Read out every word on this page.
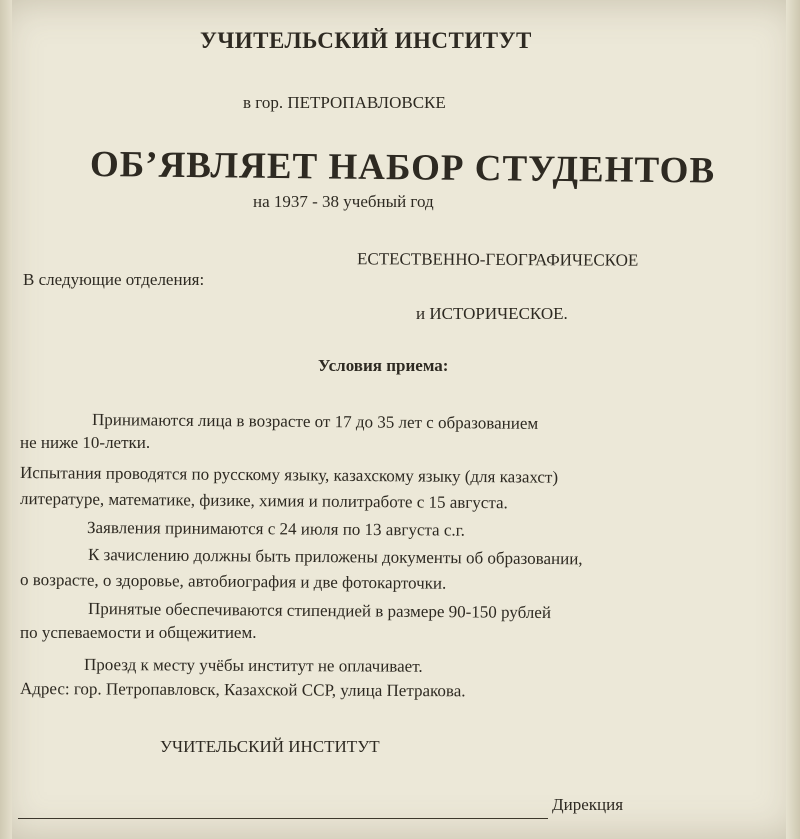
УЧИТЕЛЬСКИЙ ИНСТИТУТ
в гор. ПЕТРОПАВЛОВСКЕ
ОБ’ЯВЛЯЕТ НАБОР СТУДЕНТОВ
на 1937 - 38 учебный год
ЕСТЕСТВЕННО-ГЕОГРАФИЧЕСКОЕ
В следующие отделения:
и ИСТОРИЧЕСКОЕ.
Условия приема:
Принимаются лица в возрасте от 17 до 35 лет с образованием
не ниже 10-летки.
Испытания проводятся по русскому языку, казахскому языку (для казахст)
литературе, математике, физике, химия и политработе с 15 августа.
Заявления принимаются с 24 июля по 13 августа с.г.
К зачислению должны быть приложены документы об образовании,
о возрасте, о здоровье, автобиография и две фотокарточки.
Принятые обеспечиваются стипендией в размере 90-150 рублей
по успеваемости и общежитием.
Проезд к месту учёбы институт не оплачивает.
Адрес: гор. Петропавловск, Казахской ССР, улица Петракова.
УЧИТЕЛЬСКИЙ ИНСТИТУТ
Дирекция
